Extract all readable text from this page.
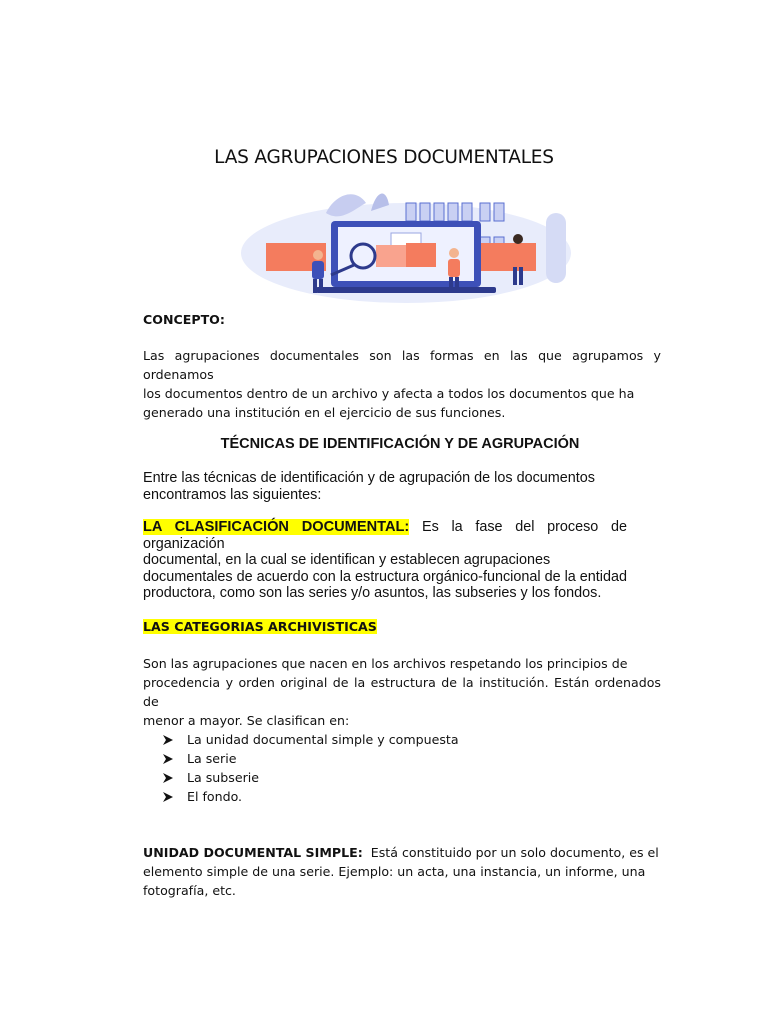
LAS AGRUPACIONES DOCUMENTALES
CONCEPTO:
Las agrupaciones documentales son las formas en las que agrupamos y ordenamos
los documentos dentro de un archivo y afecta a todos los documentos que ha
generado una institución en el ejercicio de sus funciones.
TÉCNICAS DE IDENTIFICACIÓN Y DE AGRUPACIÓN
Entre las técnicas de identificación y de agrupación de los documentos
encontramos las siguientes:
LA CLASIFICACIÓN DOCUMENTAL: Es la fase del proceso de organización
documental, en la cual se identifican y establecen agrupaciones
documentales de acuerdo con la estructura orgánico-funcional de la entidad
productora, como son las series y/o asuntos, las subseries y los fondos.
LAS CATEGORIAS ARCHIVISTICAS
Son las agrupaciones que nacen en los archivos respetando los principios de
procedencia y orden original de la estructura de la institución. Están ordenados de
menor a mayor. Se clasifican en:
La unidad documental simple y compuesta
La serie
La subserie
El fondo.
UNIDAD DOCUMENTAL SIMPLE: Está constituido por un solo documento, es el
elemento simple de una serie. Ejemplo: un acta, una instancia, un informe, una
fotografía, etc.
